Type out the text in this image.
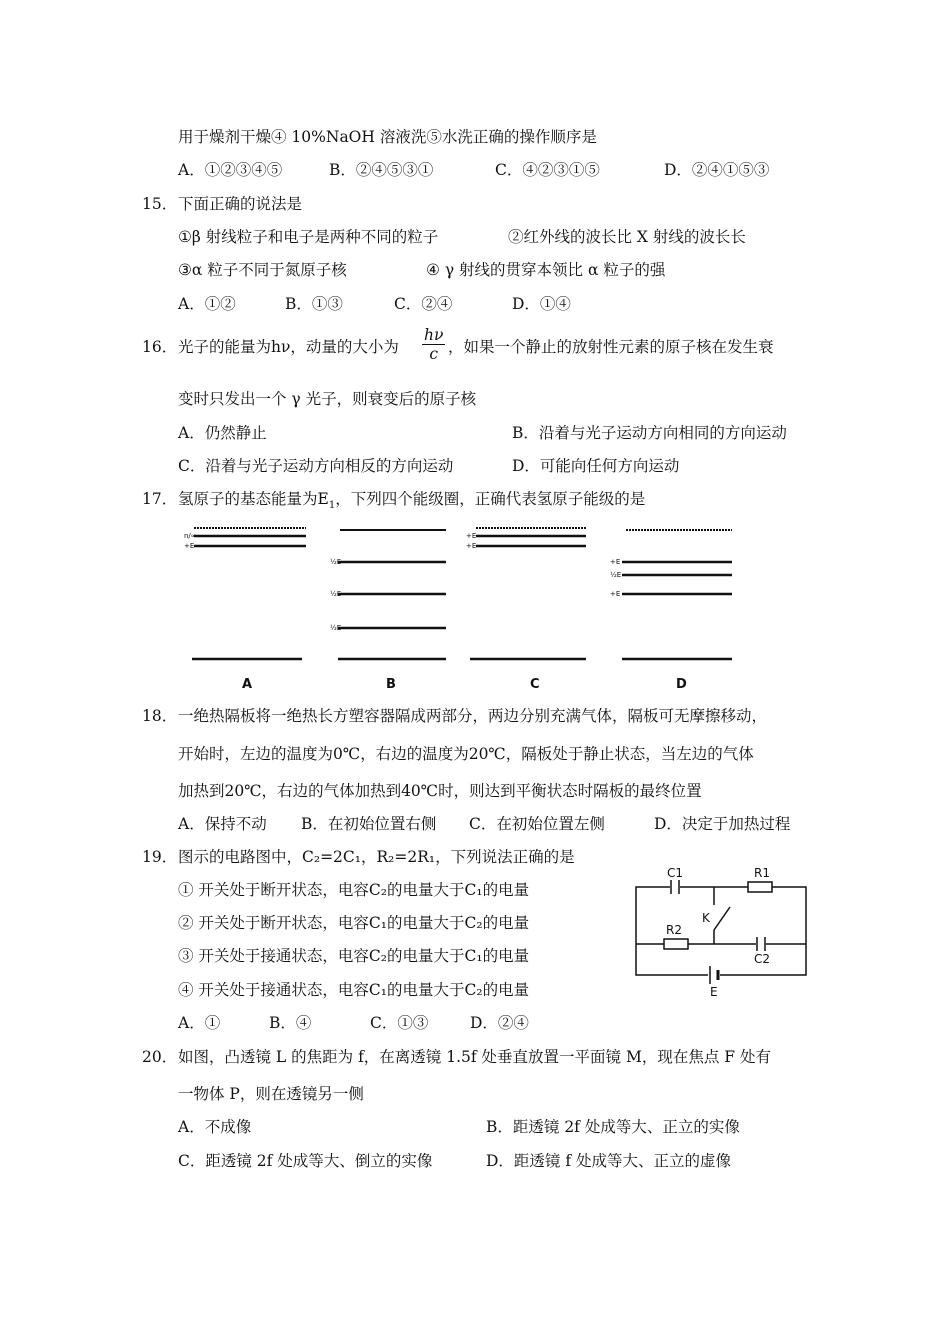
用于燥剂干燥④ 10%NaOH 溶液洗⑤水洗正确的操作顺序是
A．①②③④⑤	B．②④⑤③①	C．④②③①⑤	D．②④①⑤③
15． 下面正确的说法是
①β 射线粒子和电子是两种不同的粒子	②红外线的波长比 X 射线的波长长
③α 粒子不同于氮原子核	④ γ 射线的贯穿本领比 α 粒子的强
A．①②	B．①③	C．②④	D．①④
16． 光子的能量为hν，动量的大小为 $\frac{h\nu}{c}$ ，如果一个静止的放射性元素的原子核在发生衰
变时只发出一个 γ 光子，则衰变后的原子核
A．仍然静止	B．沿着与光子运动方向相同的方向运动
C．沿着与光子运动方向相反的方向运动	D．可能向任何方向运动
17． 氢原子的基态能量为$E_1$，下列四个能级圈，正确代表氢原子能级的是
n/∞
+E
½E
½E
½E
+E
+E
+E
½E
+E
A	B	C	D
18． 一绝热隔板将一绝热长方塑容器隔成两部分，两边分别充满气体，隔板可无摩擦移动，
开始时，左边的温度为0℃，右边的温度为20℃，隔板处于静止状态，当左边的气体
加热到20℃，右边的气体加热到40℃时，则达到平衡状态时隔板的最终位置
A．保持不动 B．在初始位置右侧 C．在初始位置左侧	D．决定于加热过程
19． 图示的电路图中，C₂=2C₁，R₂=2R₁，下列说法正确的是
① 开关处于断开状态，电容C₂的电量大于C₁的电量
② 开关处于断开状态，电容C₁的电量大于C₂的电量
③ 开关处于接通状态，电容C₂的电量大于C₁的电量
④ 开关处于接通状态，电容C₁的电量大于C₂的电量
A．①	B．④	C．①③	D．②④
C1	R1
K
R2
C2
E
20． 如图，凸透镜 L 的焦距为 f，在离透镜 1.5f 处垂直放置一平面镜 M，现在焦点 F 处有
一物体 P，则在透镜另一侧
A．不成像	B．距透镜 2f 处成等大、正立的实像
C．距透镜 2f 处成等大、倒立的实像	D．距透镜 f 处成等大、正立的虚像
